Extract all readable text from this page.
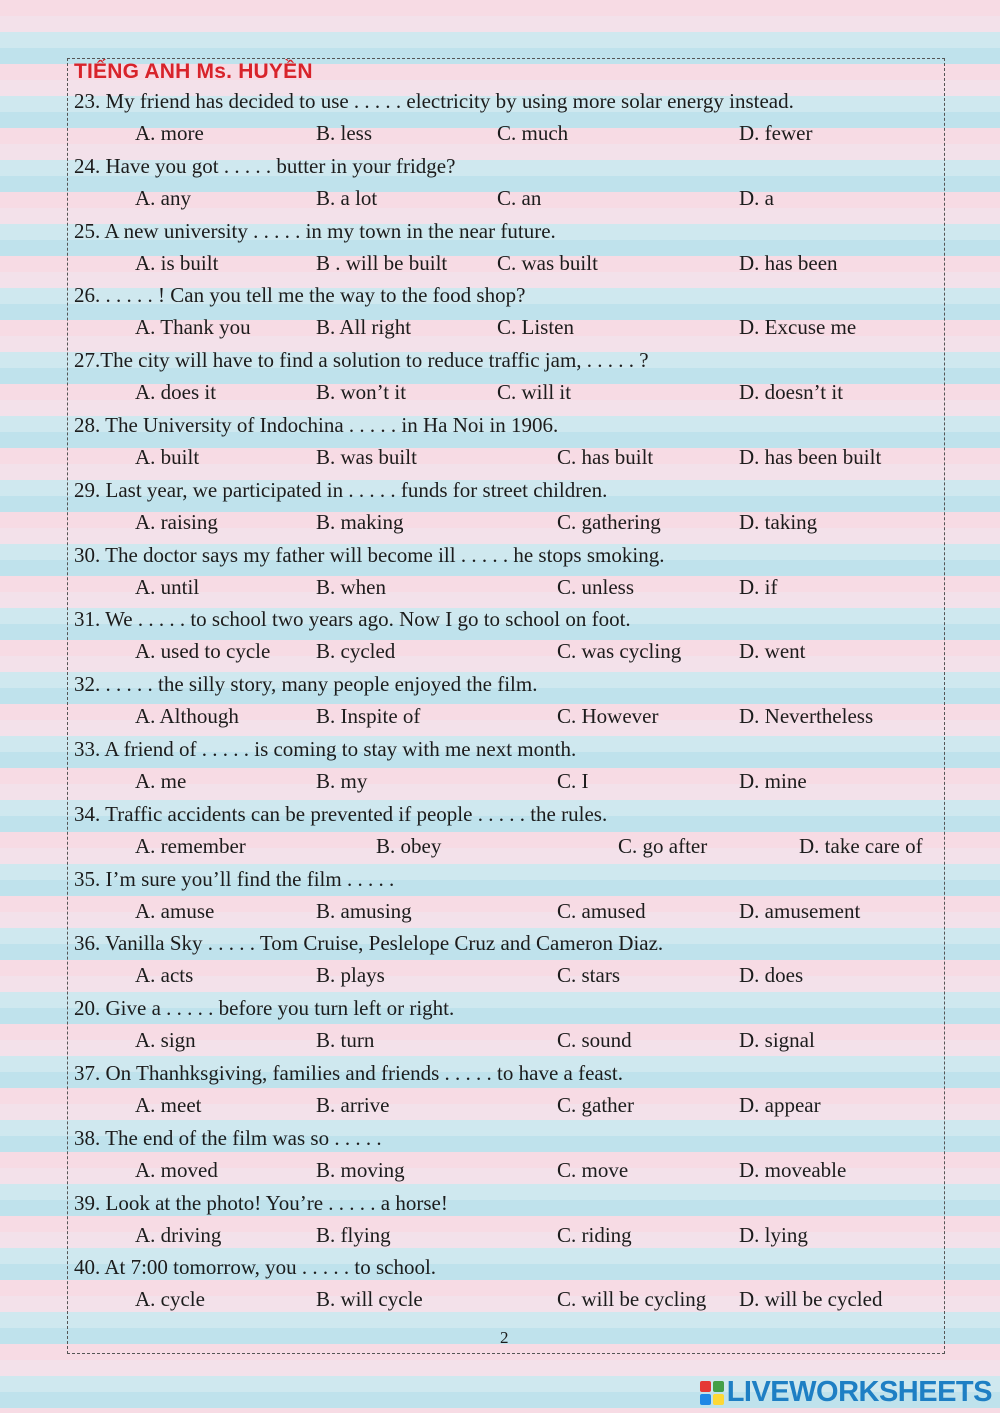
TIẾNG ANH Ms. HUYỀN
23. My friend has decided to use . . . . . electricity by using more solar energy instead.
A. more	B. less	C. much	D. fewer
24. Have you got . . . . . butter in your fridge?
A. any	B. a lot	C. an	D. a
25. A new university . . . . . in my town in the near future.
A. is built	B . will be built C. was built	D. has been
26. . . . . . ! Can you tell me the way to the food shop?
A. Thank you	B. All right	C. Listen	D. Excuse me
27.The city will have to find a solution to reduce traffic jam, . . . . . ?
A. does it	B. won’t it	C. will it	D. doesn’t it
28. The University of Indochina . . . . . in Ha Noi in 1906.
A. built	B. was built	C. has built	D. has been built
29. Last year, we participated in . . . . . funds for street children.
A. raising	B. making	C. gathering	D. taking
30. The doctor says my father will become ill . . . . . he stops smoking.
A. until	B. when	C. unless	D. if
31. We . . . . . to school two years ago. Now I go to school on foot.
A. used to cycle B. cycled	C. was cycling	D. went
32. . . . . . the silly story, many people enjoyed the film.
A. Although	B. Inspite of	C. However	D. Nevertheless
33. A friend of . . . . . is coming to stay with me next month.
A. me	B. my	C. I	D. mine
34. Traffic accidents can be prevented if people . . . . . the rules.
A. remember	B. obey	C. go after	D. take care of
35. I’m sure you’ll find the film . . . . .
A. amuse	B. amusing	C. amused	D. amusement
36. Vanilla Sky . . . . . Tom Cruise, Peslelope Cruz and Cameron Diaz.
A. acts	B. plays	C. stars	D. does
20. Give a . . . . . before you turn left or right.
A. sign	B. turn	C. sound	D. signal
37. On Thanhksgiving, families and friends . . . . . to have a feast.
A. meet	B. arrive	C. gather	D. appear
38. The end of the film was so . . . . .
A. moved	B. moving	C. move	D. moveable
39. Look at the photo! You’re . . . . . a horse!
A. driving	B. flying	C. riding	D. lying
40. At 7:00 tomorrow, you . . . . . to school.
A. cycle	B. will cycle	C. will be cycling D. will be cycled
2
LIVEWORKSHEETS
